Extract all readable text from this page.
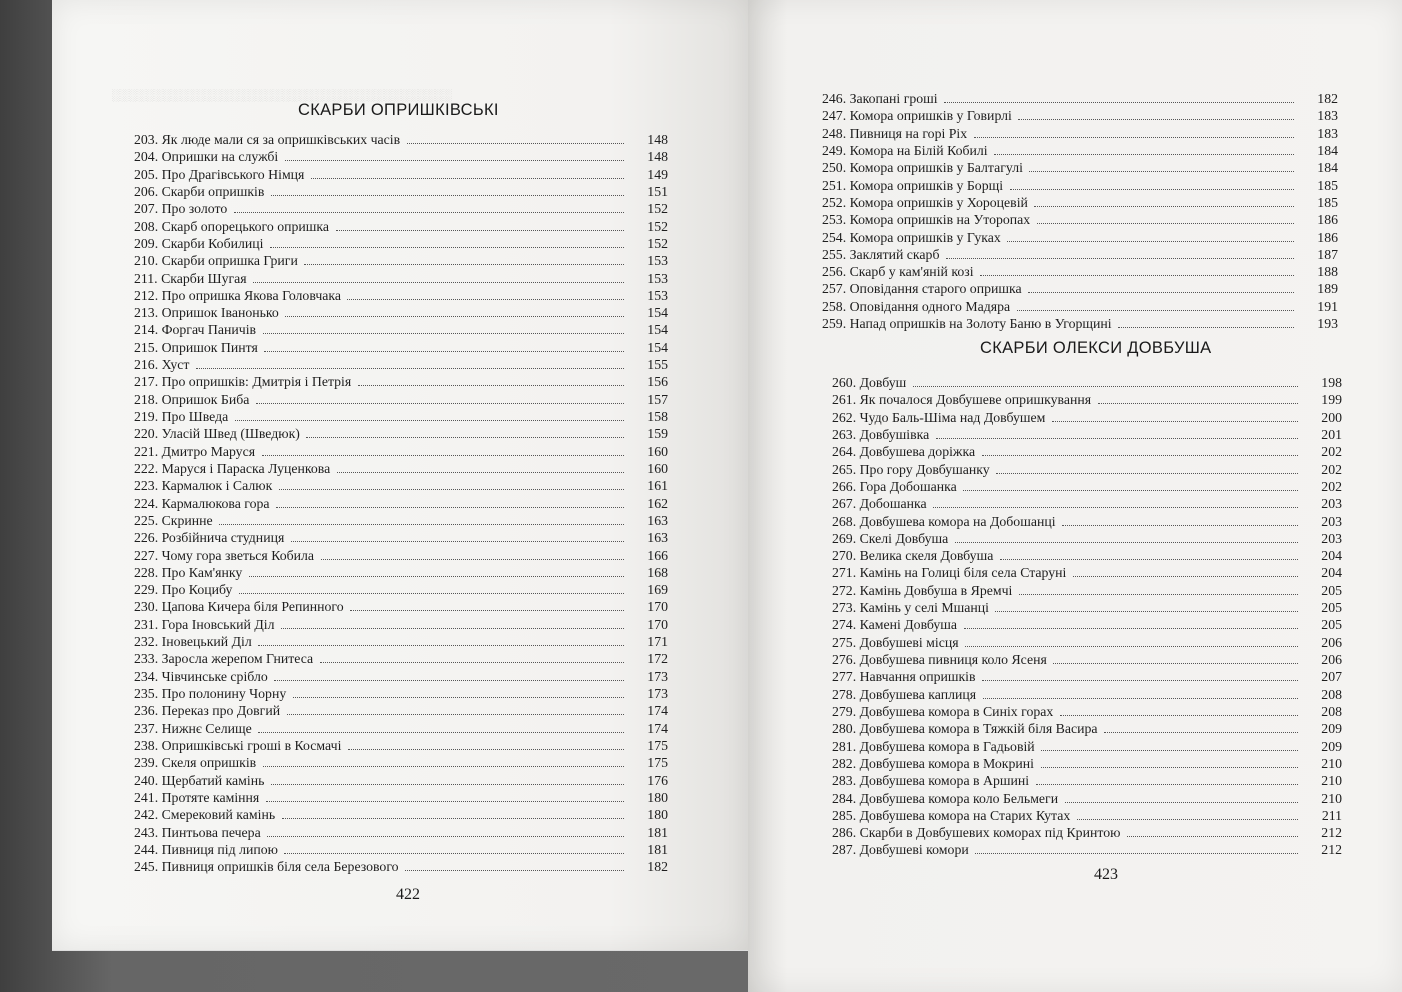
░░░░░░░░░░░░░░░░░░░░░░░░░░░░░░░░░░░░░░░░
СКАРБИ ОПРИШКІВСЬКІ
203. Як люде мали ся за опришківських часів	148
204. Опришки на службі	148
205. Про Драгівського Німця	149
206. Скарби опришків	151
207. Про золото	152
208. Скарб опорецького опришка	152
209. Скарби Кобилиці	152
210. Скарби опришка Григи	153
211. Скарби Шугая	153
212. Про опришка Якова Головчака	153
213. Опришок Іванонько	154
214. Форгач Паничів	154
215. Опришок Пинтя	154
216. Хуст	155
217. Про опришків: Дмитрія і Петрія	156
218. Опришок Биба	157
219. Про Шведа	158
220. Уласій Швед (Шведюк)	159
221. Дмитро Маруся	160
222. Маруся і Параска Луценкова	160
223. Кармалюк і Салюк	161
224. Кармалюкова гора	162
225. Скринне	163
226. Розбійнича студниця	163
227. Чому гора зветься Кобила	166
228. Про Кам'янку	168
229. Про Коцибу	169
230. Цапова Кичера біля Репинного	170
231. Гора Іновський Діл	170
232. Іновецький Діл	171
233. Заросла жерепом Гнитеса	172
234. Чівчинське срібло	173
235. Про полонину Чорну	173
236. Переказ про Довгий	174
237. Нижнє Селище	174
238. Опришківські гроші в Космачі	175
239. Скеля опришків	175
240. Щербатий камінь	176
241. Протяте каміння	180
242. Смерековий камінь	180
243. Пинтьова печера	181
244. Пивниця під липою	181
245. Пивниця опришків біля села Березового	182
422
246. Закопані гроші	182
247. Комора опришків у Говирлі	183
248. Пивниця на горі Ріх	183
249. Комора на Білій Кобилі	184
250. Комора опришків у Балтагулі	184
251. Комора опришків у Борщі	185
252. Комора опришків у Хороцевій	185
253. Комора опришків на Уторопах	186
254. Комора опришків у Гуках	186
255. Заклятий скарб	187
256. Скарб у кам'яній козі	188
257. Оповідання старого опришка	189
258. Оповідання одного Мадяра	191
259. Напад опришків на Золоту Баню в Угорщині	193
СКАРБИ ОЛЕКСИ ДОВБУША
260. Довбуш	198
261. Як почалося Довбушеве опришкування	199
262. Чудо Баль-Шіма над Довбушем	200
263. Довбушівка	201
264. Довбушева доріжка	202
265. Про гору Довбушанку	202
266. Гора Добошанка	202
267. Добошанка	203
268. Довбушева комора на Добошанці	203
269. Скелі Довбуша	203
270. Велика скеля Довбуша	204
271. Камінь на Голиці біля села Старуні	204
272. Камінь Довбуша в Яремчі	205
273. Камінь у селі Мшанці	205
274. Камені Довбуша	205
275. Довбушеві місця	206
276. Довбушева пивниця коло Ясеня	206
277. Навчання опришків	207
278. Довбушева каплиця	208
279. Довбушева комора в Синіх горах	208
280. Довбушева комора в Тяжкій біля Васира	209
281. Довбушева комора в Гадьовій	209
282. Довбушева комора в Мокрині	210
283. Довбушева комора в Аршині	210
284. Довбушева комора коло Бельмеги	210
285. Довбушева комора на Старих Кутах	211
286. Скарби в Довбушевих коморах під Кринтою	212
287. Довбушеві комори	212
423
